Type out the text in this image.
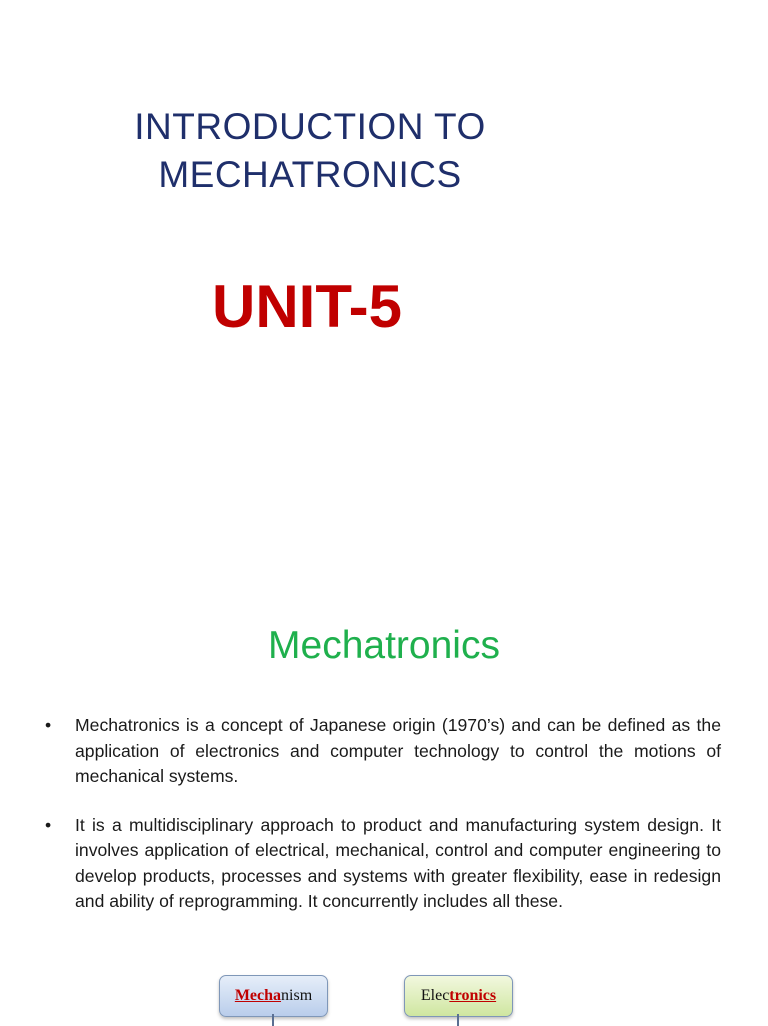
INTRODUCTION TO
MECHATRONICS
UNIT-5
Mechatronics
• Mechatronics is a concept of Japanese origin (1970’s) and can be defined as the application of electronics and computer technology to control the motions of mechanical systems.
• It is a multidisciplinary approach to product and manufacturing system design. It involves application of electrical, mechanical, control and computer engineering to develop products, processes and systems with greater flexibility, ease in redesign and ability of reprogramming. It concurrently includes all these.
Mechanism	Electronics
